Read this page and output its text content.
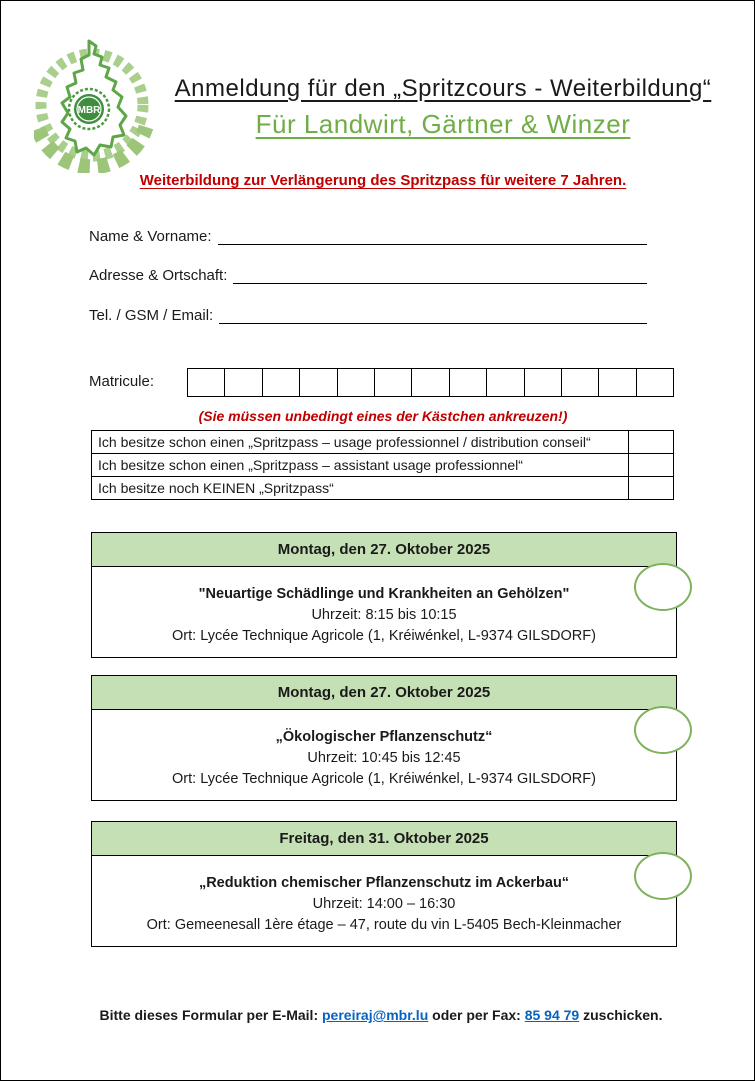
MBR
Anmeldung für den „Spritzcours - Weiterbildung“
Für Landwirt, Gärtner & Winzer
Weiterbildung zur Verlängerung des Spritzpass für weitere 7 Jahren.
Name & Vorname:
Adresse & Ortschaft:
Tel. / GSM / Email:
Matricule:
(Sie müssen unbedingt eines der Kästchen ankreuzen!)
Ich besitze schon einen „Spritzpass – usage professionnel / distribution conseil“	
Ich besitze schon einen „Spritzpass – assistant usage professionnel“	
Ich besitze noch KEINEN „Spritzpass“	
Montag, den 27. Oktober 2025
"Neuartige Schädlinge und Krankheiten an Gehölzen"
Uhrzeit: 8:15 bis 10:15
Ort: Lycée Technique Agricole (1, Kréiwénkel, L-9374 GILSDORF)
Montag, den 27. Oktober 2025
„Ökologischer Pflanzenschutz“
Uhrzeit: 10:45 bis 12:45
Ort: Lycée Technique Agricole (1, Kréiwénkel, L-9374 GILSDORF)
Freitag, den 31. Oktober 2025
„Reduktion chemischer Pflanzenschutz im Ackerbau“
Uhrzeit: 14:00 – 16:30
Ort: Gemeenesall 1ère étage – 47, route du vin L-5405 Bech-Kleinmacher
Bitte dieses Formular per E-Mail: pereiraj@mbr.lu oder per Fax: 85 94 79 zuschicken.
